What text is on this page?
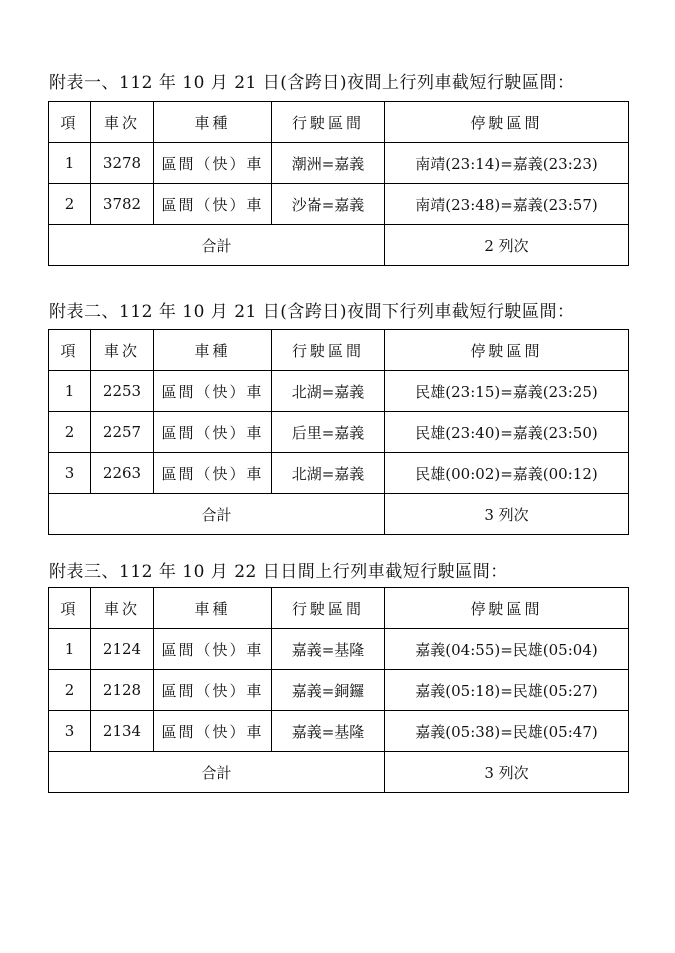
附表一、112 年 10 月 21 日(含跨日)夜間上行列車截短行駛區間：
項	車次	車種	行駛區間	停駛區間
1	3278	區間（快）車	潮洲=嘉義	南靖(23:14)=嘉義(23:23)
2	3782	區間（快）車	沙崙=嘉義	南靖(23:48)=嘉義(23:57)
合計				2 列次
附表二、112 年 10 月 21 日(含跨日)夜間下行列車截短行駛區間：
項	車次	車種	行駛區間	停駛區間
1	2253	區間（快）車	北湖=嘉義	民雄(23:15)=嘉義(23:25)
2	2257	區間（快）車	后里=嘉義	民雄(23:40)=嘉義(23:50)
3	2263	區間（快）車	北湖=嘉義	民雄(00:02)=嘉義(00:12)
合計				3 列次
附表三、112 年 10 月 22 日日間上行列車截短行駛區間：
項	車次	車種	行駛區間	停駛區間
1	2124	區間（快）車	嘉義=基隆	嘉義(04:55)=民雄(05:04)
2	2128	區間（快）車	嘉義=銅鑼	嘉義(05:18)=民雄(05:27)
3	2134	區間（快）車	嘉義=基隆	嘉義(05:38)=民雄(05:47)
合計				3 列次
